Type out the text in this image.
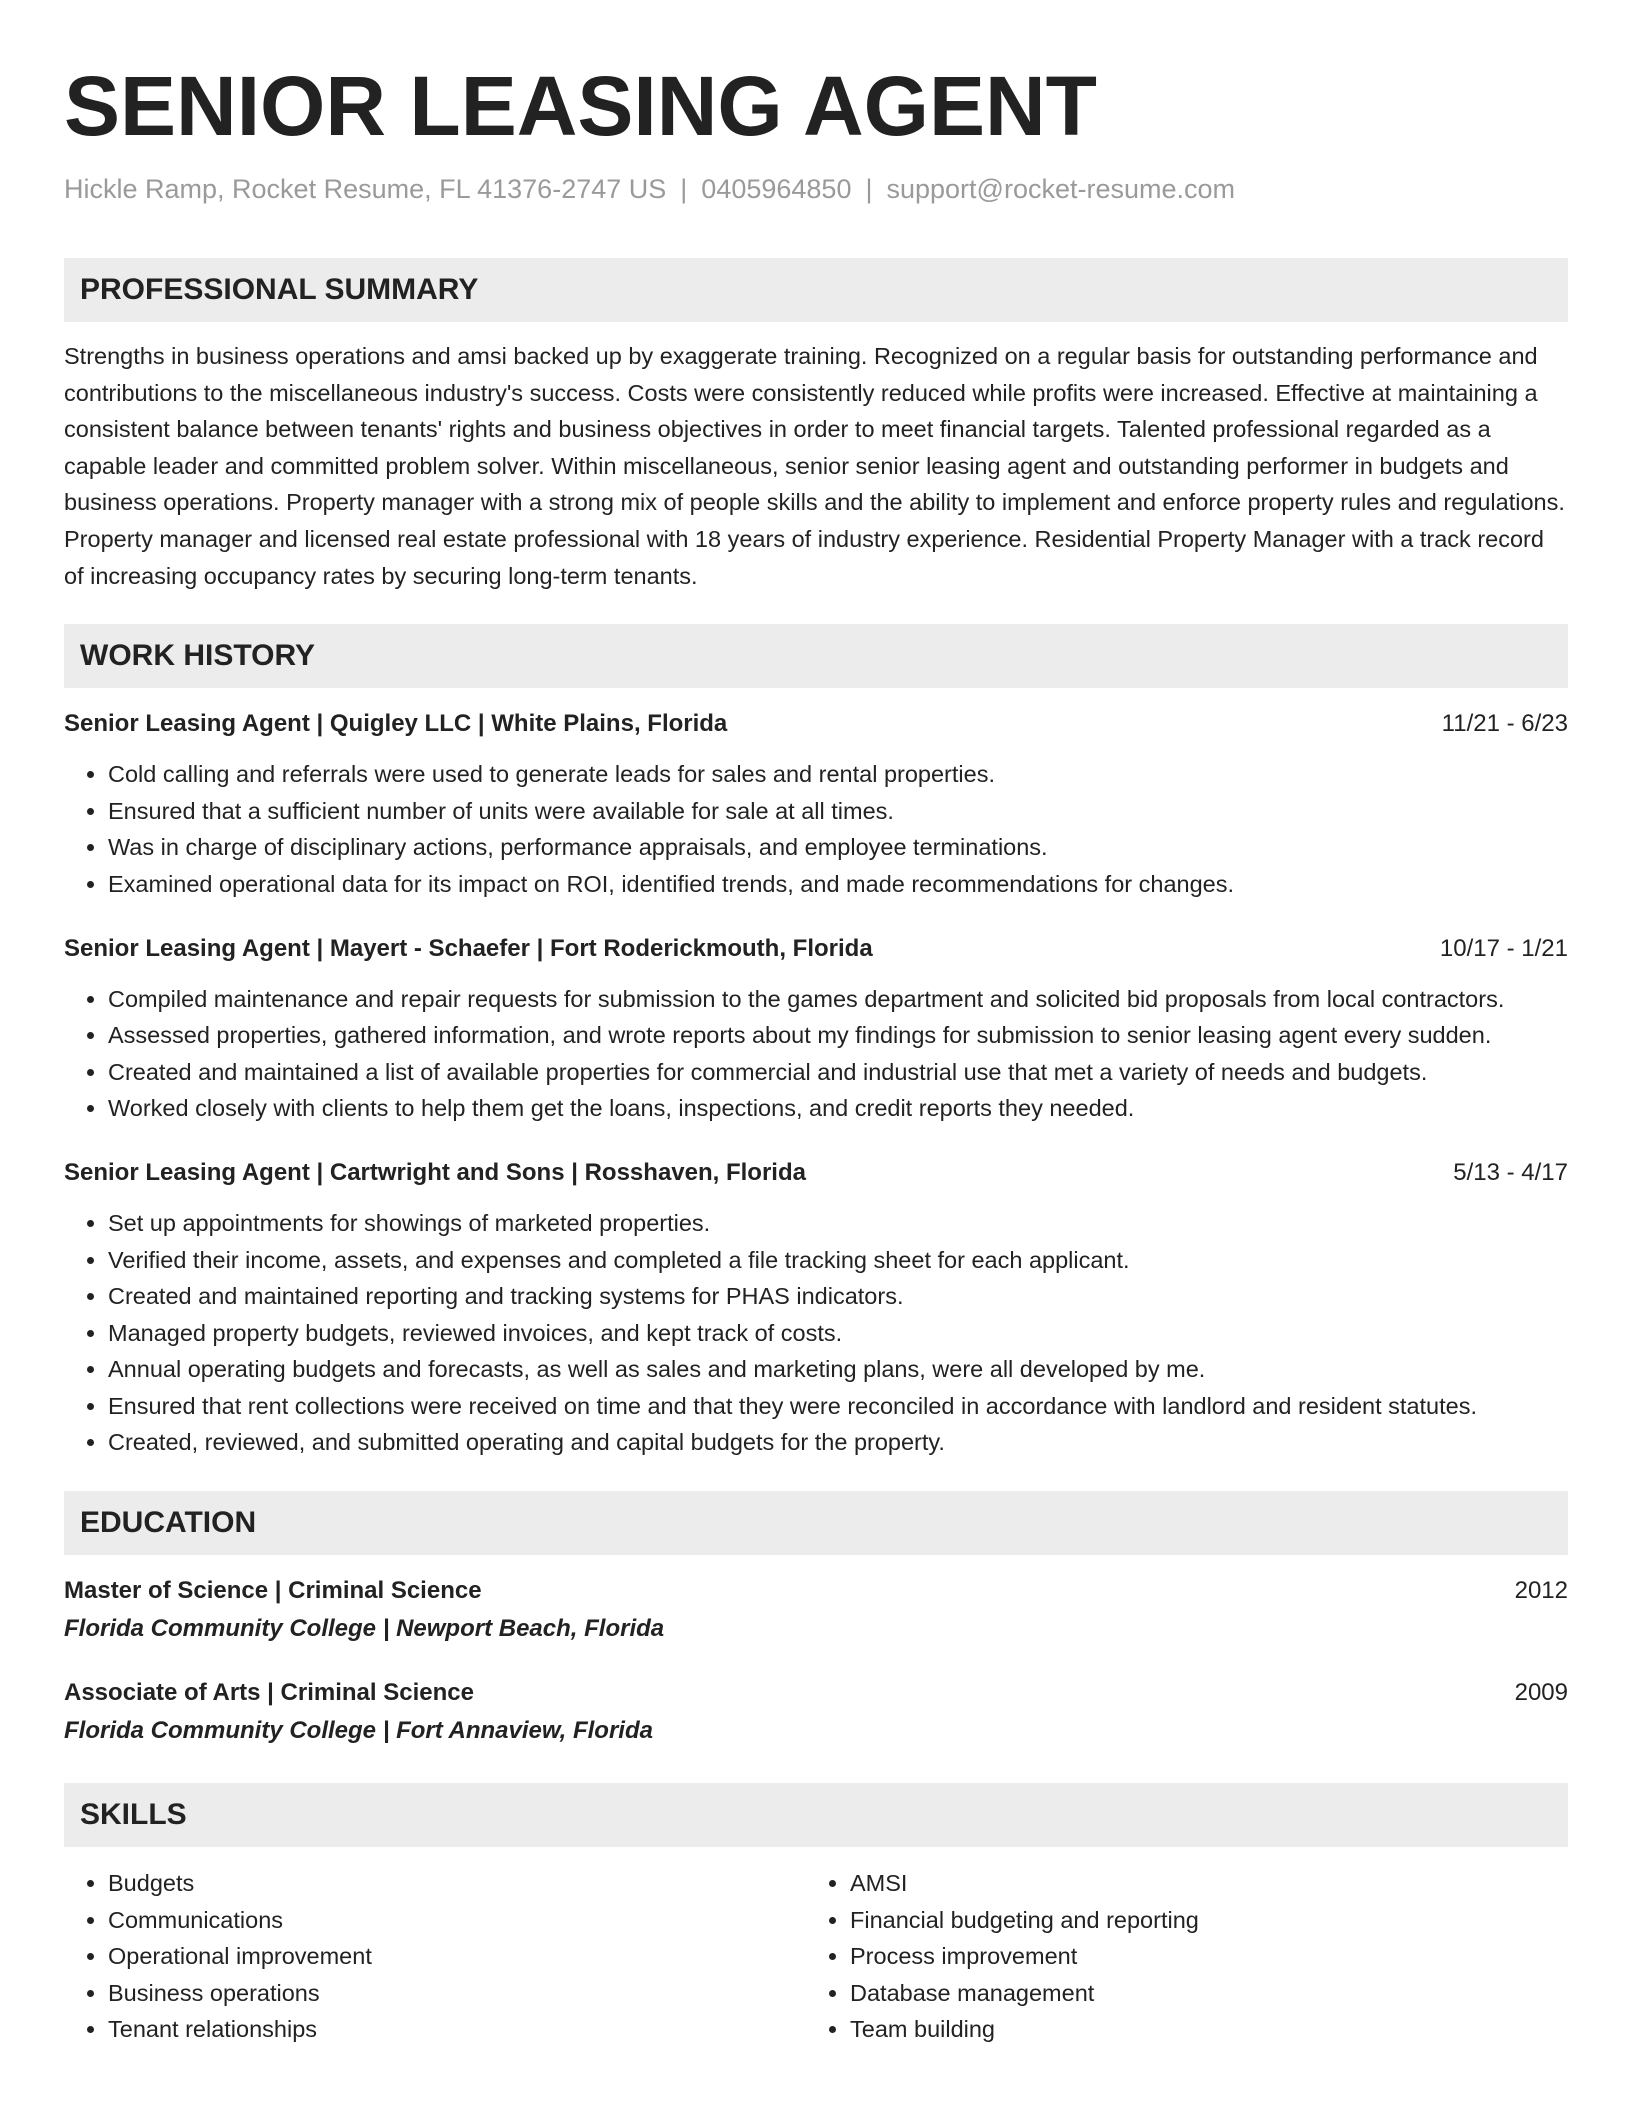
SENIOR LEASING AGENT
Hickle Ramp, Rocket Resume, FL 41376-2747 US | 0405964850 | support@rocket-resume.com
PROFESSIONAL SUMMARY

Strengths in business operations and amsi backed up by exaggerate training. Recognized on a regular basis for outstanding performance and contributions to the miscellaneous industry's success. Costs were consistently reduced while profits were increased. Effective at maintaining a consistent balance between tenants' rights and business objectives in order to meet financial targets. Talented professional regarded as a capable leader and committed problem solver. Within miscellaneous, senior senior leasing agent and outstanding performer in budgets and business operations. Property manager with a strong mix of people skills and the ability to implement and enforce property rules and regulations. Property manager and licensed real estate professional with 18 years of industry experience. Residential Property Manager with a track record of increasing occupancy rates by securing long-term tenants.

WORK HISTORY
Senior Leasing Agent | Quigley LLC | White Plains, Florida	11/21 - 6/23
• Cold calling and referrals were used to generate leads for sales and rental properties.
• Ensured that a sufficient number of units were available for sale at all times.
• Was in charge of disciplinary actions, performance appraisals, and employee terminations.
• Examined operational data for its impact on ROI, identified trends, and made recommendations for changes.
Senior Leasing Agent | Mayert - Schaefer | Fort Roderickmouth, Florida	10/17 - 1/21
• Compiled maintenance and repair requests for submission to the games department and solicited bid proposals from local contractors.
• Assessed properties, gathered information, and wrote reports about my findings for submission to senior leasing agent every sudden.
• Created and maintained a list of available properties for commercial and industrial use that met a variety of needs and budgets.
• Worked closely with clients to help them get the loans, inspections, and credit reports they needed.
Senior Leasing Agent | Cartwright and Sons | Rosshaven, Florida	5/13 - 4/17
• Set up appointments for showings of marketed properties.
• Verified their income, assets, and expenses and completed a file tracking sheet for each applicant.
• Created and maintained reporting and tracking systems for PHAS indicators.
• Managed property budgets, reviewed invoices, and kept track of costs.
• Annual operating budgets and forecasts, as well as sales and marketing plans, were all developed by me.
• Ensured that rent collections were received on time and that they were reconciled in accordance with landlord and resident statutes.
• Created, reviewed, and submitted operating and capital budgets for the property.
EDUCATION
Master of Science | Criminal Science	2012
Florida Community College | Newport Beach, Florida
Associate of Arts | Criminal Science	2009
Florida Community College | Fort Annaview, Florida
SKILLS
• Budgets
• Communications
• Operational improvement
• Business operations
• Tenant relationships
• AMSI
• Financial budgeting and reporting
• Process improvement
• Database management
• Team building
